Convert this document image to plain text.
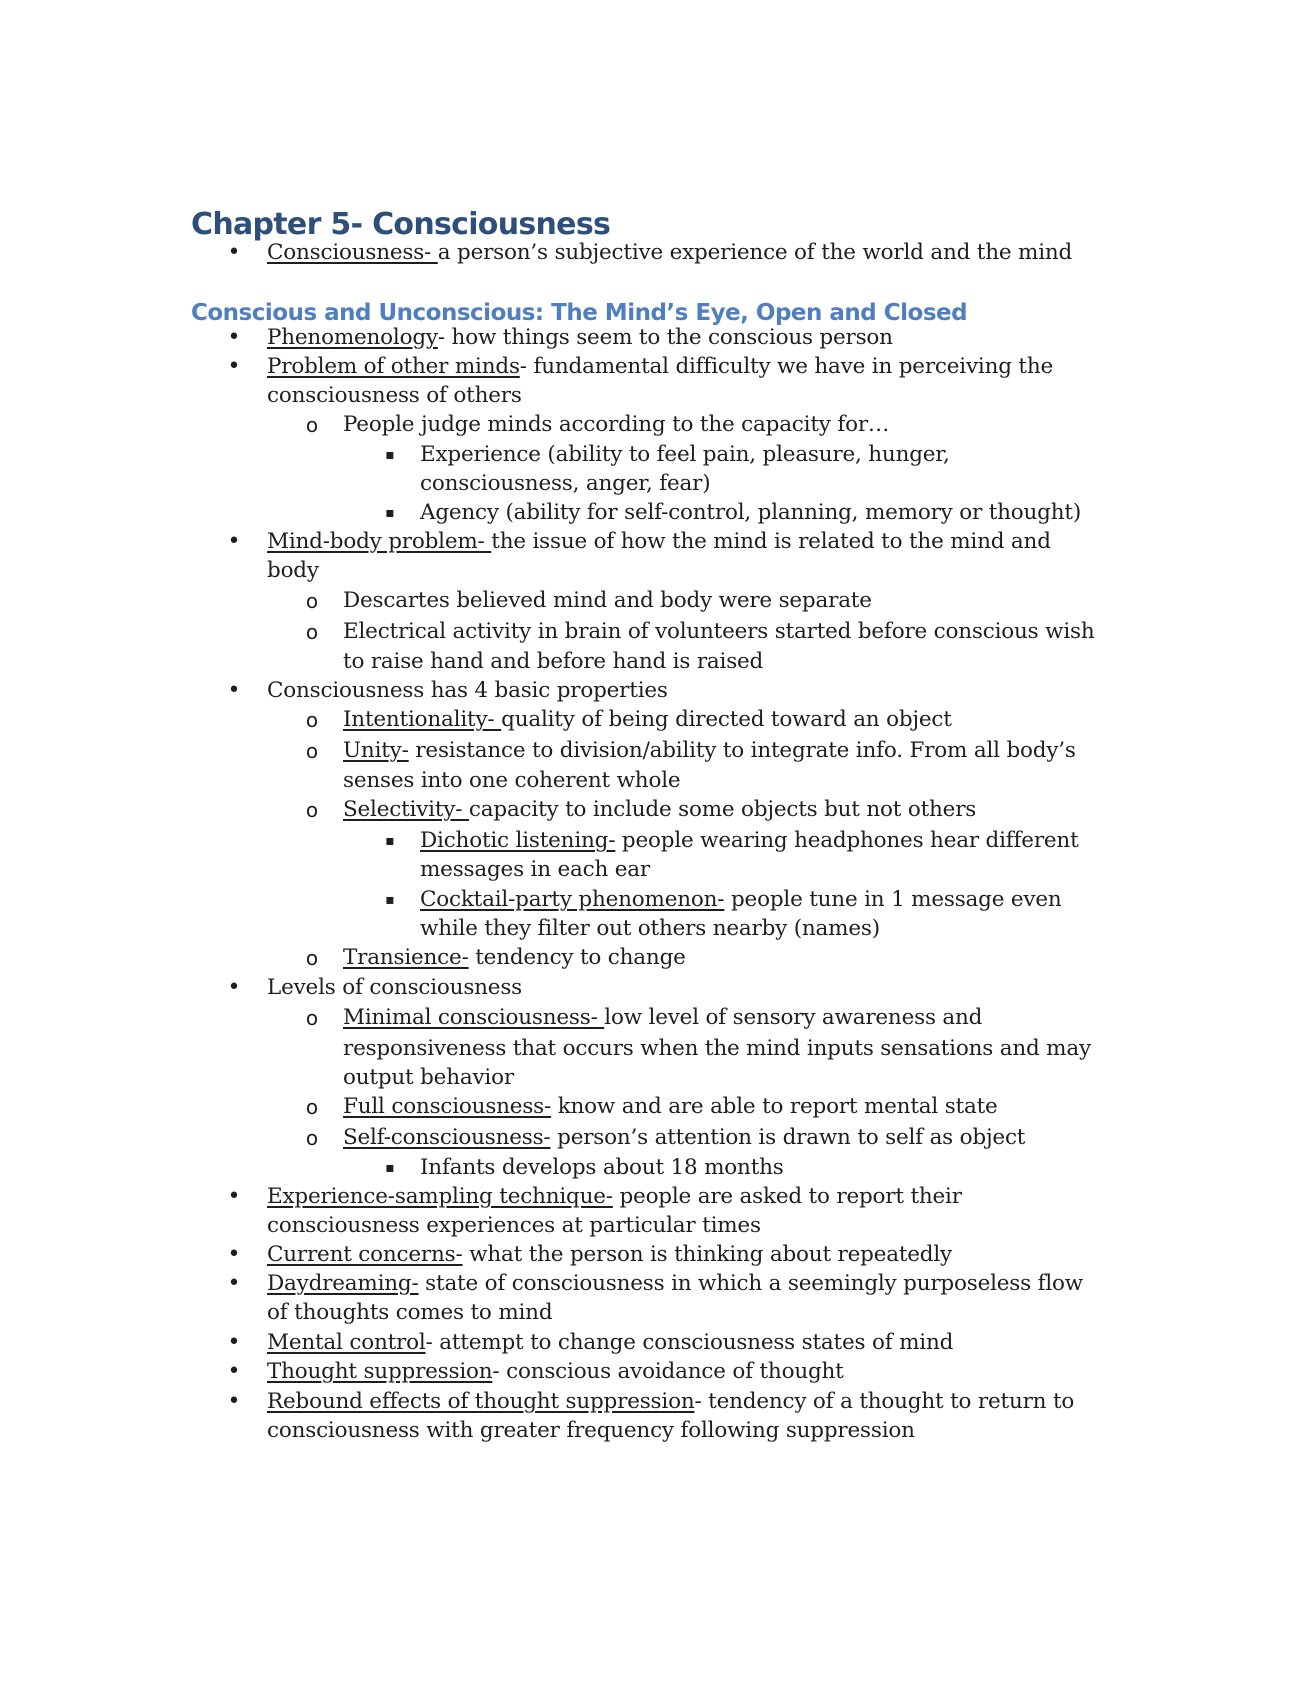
Chapter 5- Consciousness
• Consciousness- a person’s subjective experience of the world and the mind
Conscious and Unconscious: The Mind’s Eye, Open and Closed
• Phenomenology- how things seem to the conscious person
• Problem of other minds- fundamental difficulty we have in perceiving the
consciousness of others
o People judge minds according to the capacity for…
▪	Experience (ability to feel pain, pleasure, hunger,
consciousness, anger, fear)
▪	Agency (ability for self-control, planning, memory or thought)
• Mind-body problem- the issue of how the mind is related to the mind and
body
o Descartes believed mind and body were separate
o Electrical activity in brain of volunteers started before conscious wish
to raise hand and before hand is raised
• Consciousness has 4 basic properties
o Intentionality- quality of being directed toward an object
o Unity- resistance to division/ability to integrate info. From all body’s
senses into one coherent whole
o Selectivity- capacity to include some objects but not others
▪	Dichotic listening- people wearing headphones hear different
messages in each ear
▪	Cocktail-party phenomenon- people tune in 1 message even
while they filter out others nearby (names)
o Transience- tendency to change
• Levels of consciousness
o Minimal consciousness- low level of sensory awareness and
responsiveness that occurs when the mind inputs sensations and may
output behavior
o Full consciousness- know and are able to report mental state
o Self-consciousness- person’s attention is drawn to self as object
▪	Infants develops about 18 months
• Experience-sampling technique- people are asked to report their
consciousness experiences at particular times
• Current concerns- what the person is thinking about repeatedly
• Daydreaming- state of consciousness in which a seemingly purposeless flow
of thoughts comes to mind
• Mental control- attempt to change consciousness states of mind
• Thought suppression- conscious avoidance of thought
• Rebound effects of thought suppression- tendency of a thought to return to
consciousness with greater frequency following suppression
